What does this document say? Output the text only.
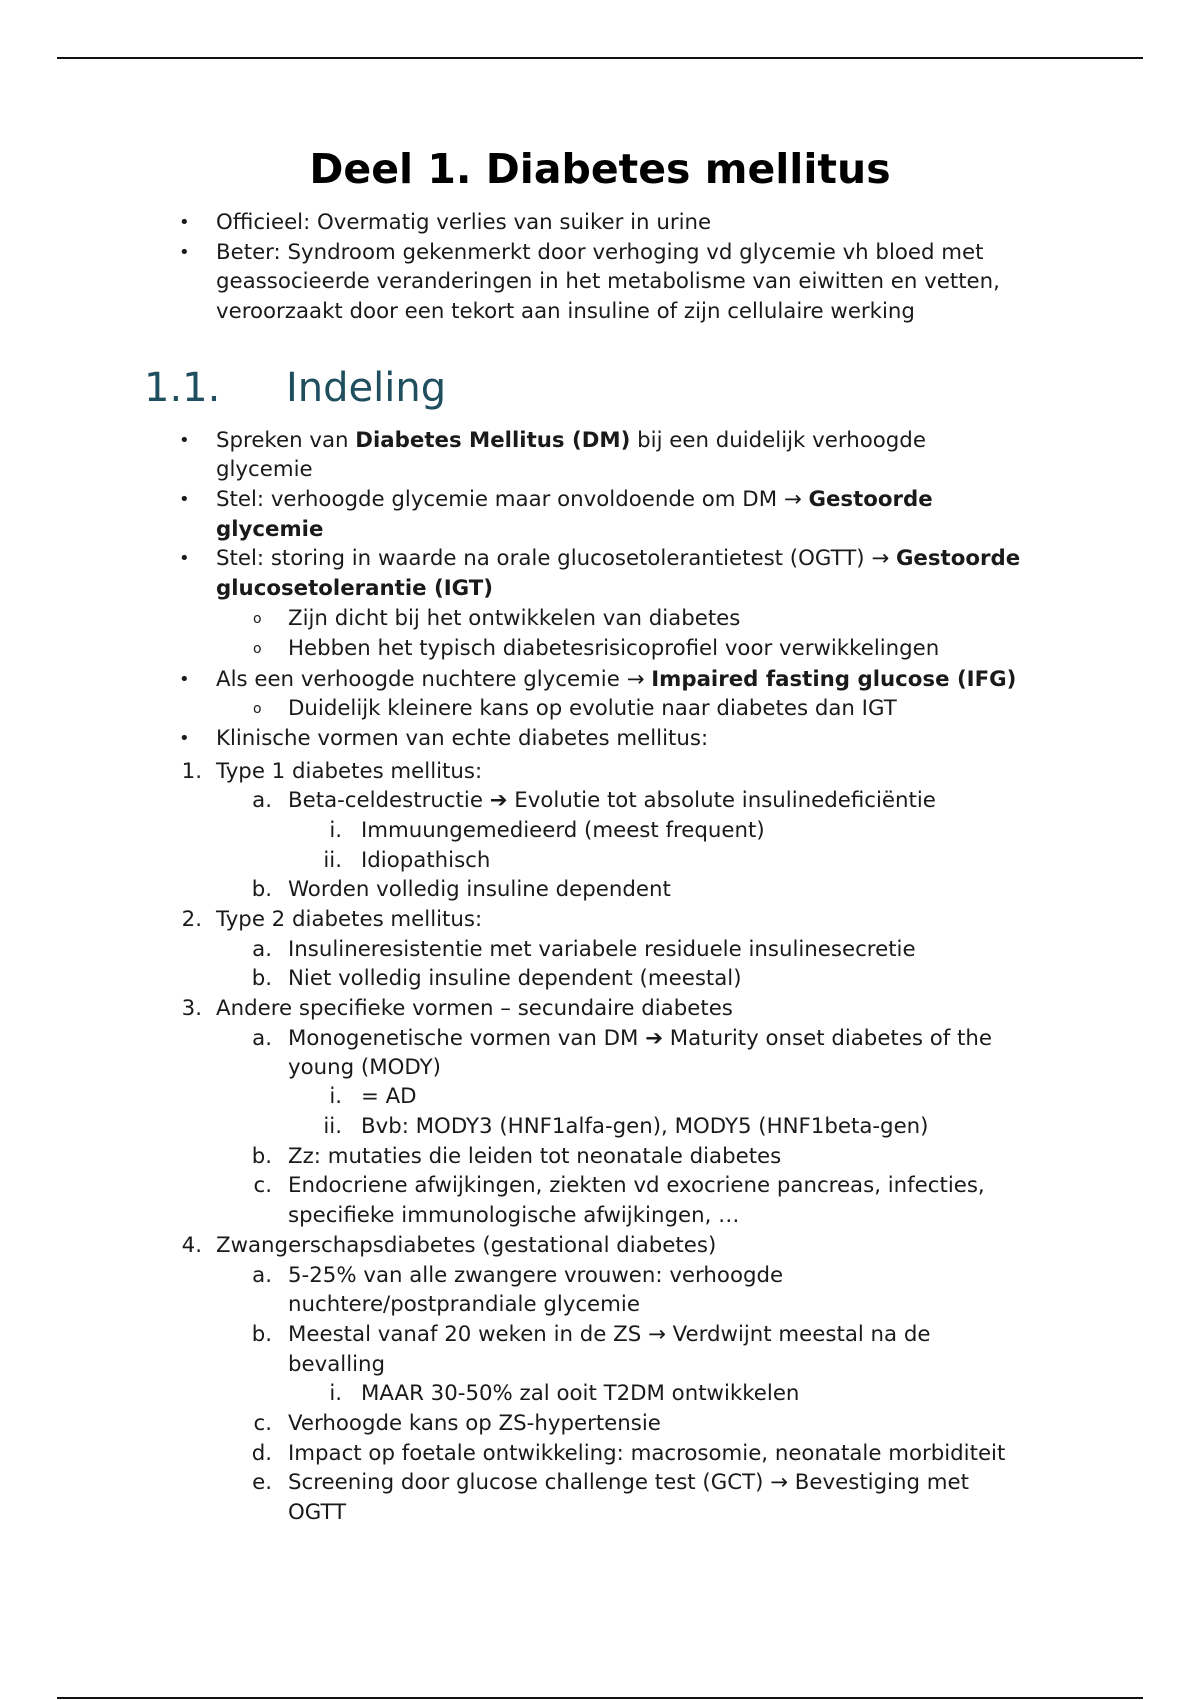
Deel 1. Diabetes mellitus
• Officieel: Overmatig verlies van suiker in urine
• Beter: Syndroom gekenmerkt door verhoging vd glycemie vh bloed met
geassocieerde veranderingen in het metabolisme van eiwitten en vetten,
veroorzaakt door een tekort aan insuline of zijn cellulaire werking
1.1. Indeling
• Spreken van Diabetes Mellitus (DM) bij een duidelijk verhoogde
glycemie
• Stel: verhoogde glycemie maar onvoldoende om DM → Gestoorde
glycemie
• Stel: storing in waarde na orale glucosetolerantietest (OGTT) → Gestoorde
glucosetolerantie (IGT)
o Zijn dicht bij het ontwikkelen van diabetes
o Hebben het typisch diabetesrisicoprofiel voor verwikkelingen
• Als een verhoogde nuchtere glycemie → Impaired fasting glucose (IFG)
o Duidelijk kleinere kans op evolutie naar diabetes dan IGT
• Klinische vormen van echte diabetes mellitus:
1. Type 1 diabetes mellitus:
a. Beta-celdestructie ➔ Evolutie tot absolute insulinedeficiëntie
i. Immuungemedieerd (meest frequent)
ii. Idiopathisch
b. Worden volledig insuline dependent
2. Type 2 diabetes mellitus:
a. Insulineresistentie met variabele residuele insulinesecretie
b. Niet volledig insuline dependent (meestal)
3. Andere specifieke vormen – secundaire diabetes
a. Monogenetische vormen van DM ➔ Maturity onset diabetes of the
young (MODY)
i. = AD
ii. Bvb: MODY3 (HNF1alfa-gen), MODY5 (HNF1beta-gen)
b. Zz: mutaties die leiden tot neonatale diabetes
c. Endocriene afwijkingen, ziekten vd exocriene pancreas, infecties,
specifieke immunologische afwijkingen, …
4. Zwangerschapsdiabetes (gestational diabetes)
a. 5-25% van alle zwangere vrouwen: verhoogde
nuchtere/postprandiale glycemie
b. Meestal vanaf 20 weken in de ZS → Verdwijnt meestal na de
bevalling
i. MAAR 30-50% zal ooit T2DM ontwikkelen
c. Verhoogde kans op ZS-hypertensie
d. Impact op foetale ontwikkeling: macrosomie, neonatale morbiditeit
e. Screening door glucose challenge test (GCT) → Bevestiging met
OGTT
